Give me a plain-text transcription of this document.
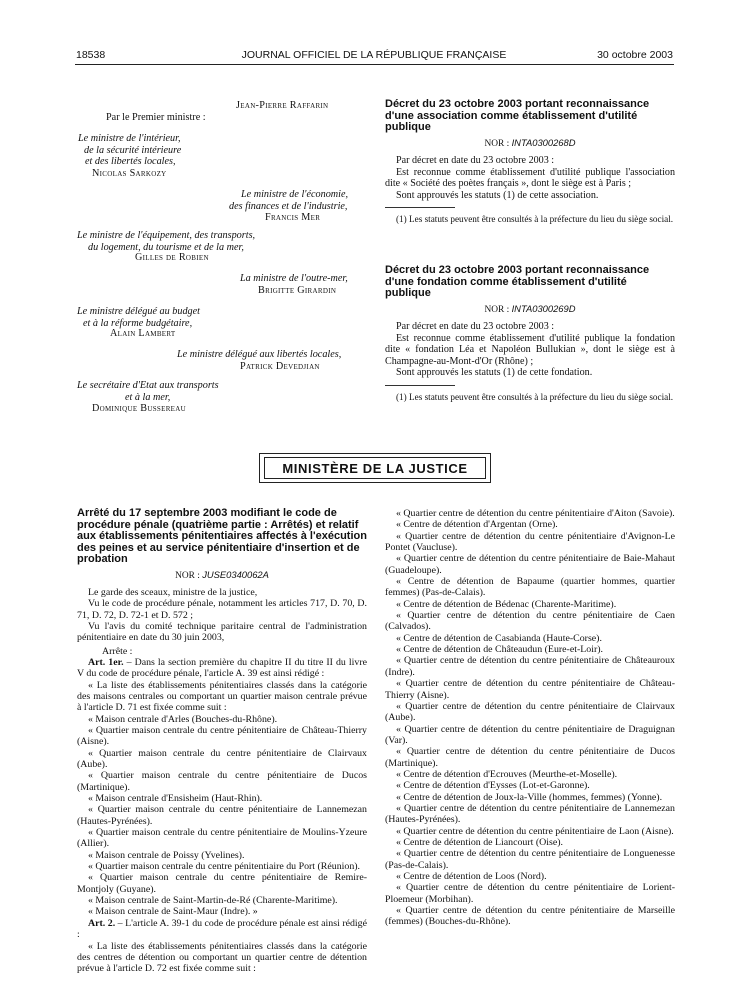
18538	JOURNAL OFFICIEL DE LA RÉPUBLIQUE FRANÇAISE	30 octobre 2003
Jean-Pierre Raffarin
Par le Premier ministre :
Le ministre de l'intérieur,
de la sécurité intérieure
et des libertés locales,
Nicolas Sarkozy
Le ministre de l'économie,
des finances et de l'industrie,
Francis Mer
Le ministre de l'équipement, des transports,
du logement, du tourisme et de la mer,
Gilles de Robien
La ministre de l'outre-mer,
Brigitte Girardin
Le ministre délégué au budget
et à la réforme budgétaire,
Alain Lambert
Le ministre délégué aux libertés locales,
Patrick Devedjian
Le secrétaire d'Etat aux transports
et à la mer,
Dominique Bussereau
Décret du 23 octobre 2003 portant reconnaissance d'une association comme établissement d'utilité publique
NOR : INTA0300268D

Par décret en date du 23 octobre 2003 :

Est reconnue comme établissement d'utilité publique l'association dite « Société des poètes français », dont le siège est à Paris ;

Sont approuvés les statuts (1) de cette association.

(1) Les statuts peuvent être consultés à la préfecture du lieu du siège social.

Décret du 23 octobre 2003 portant reconnaissance d'une fondation comme établissement d'utilité publique
NOR : INTA0300269D

Par décret en date du 23 octobre 2003 :

Est reconnue comme établissement d'utilité publique la fondation dite « fondation Léa et Napoléon Bullukian », dont le siège est à Champagne-au-Mont-d'Or (Rhône) ;

Sont approuvés les statuts (1) de cette fondation.

(1) Les statuts peuvent être consultés à la préfecture du lieu du siège social.

MINISTÈRE DE LA JUSTICE
Arrêté du 17 septembre 2003 modifiant le code de procédure pénale (quatrième partie : Arrêtés) et relatif aux établissements pénitentiaires affectés à l'exécution des peines et au service pénitentiaire d'insertion et de probation
NOR : JUSE0340062A

Le garde des sceaux, ministre de la justice,

Vu le code de procédure pénale, notamment les articles 717, D. 70, D. 71, D. 72, D. 72-1 et D. 572 ;

Vu l'avis du comité technique paritaire central de l'administration pénitentiaire en date du 30 juin 2003,

Arrête :

Art. 1er. – Dans la section première du chapitre II du titre II du livre V du code de procédure pénale, l'article A. 39 est ainsi rédigé :

« La liste des établissements pénitentiaires classés dans la catégorie des maisons centrales ou comportant un quartier maison centrale prévue à l'article D. 71 est fixée comme suit :

« Maison centrale d'Arles (Bouches-du-Rhône).

« Quartier maison centrale du centre pénitentiaire de Château-Thierry (Aisne).

« Quartier maison centrale du centre pénitentiaire de Clairvaux (Aube).

« Quartier maison centrale du centre pénitentiaire de Ducos (Martinique).

« Maison centrale d'Ensisheim (Haut-Rhin).

« Quartier maison centrale du centre pénitentiaire de Lannemezan (Hautes-Pyrénées).

« Quartier maison centrale du centre pénitentiaire de Moulins-Yzeure (Allier).

« Maison centrale de Poissy (Yvelines).

« Quartier maison centrale du centre pénitentiaire du Port (Réunion).

« Quartier maison centrale du centre pénitentiaire de Remire-Montjoly (Guyane).

« Maison centrale de Saint-Martin-de-Ré (Charente-Maritime).

« Maison centrale de Saint-Maur (Indre). »

Art. 2. – L'article A. 39-1 du code de procédure pénale est ainsi rédigé :

« La liste des établissements pénitentiaires classés dans la catégorie des centres de détention ou comportant un quartier centre de détention prévue à l'article D. 72 est fixée comme suit :

« Quartier centre de détention du centre pénitentiaire d'Aiton (Savoie).

« Centre de détention d'Argentan (Orne).

« Quartier centre de détention du centre pénitentiaire d'Avignon-Le Pontet (Vaucluse).

« Quartier centre de détention du centre pénitentiaire de Baie-Mahaut (Guadeloupe).

« Centre de détention de Bapaume (quartier hommes, quartier femmes) (Pas-de-Calais).

« Centre de détention de Bédenac (Charente-Maritime).

« Quartier centre de détention du centre pénitentiaire de Caen (Calvados).

« Centre de détention de Casabianda (Haute-Corse).

« Centre de détention de Châteaudun (Eure-et-Loir).

« Quartier centre de détention du centre pénitentiaire de Châteauroux (Indre).

« Quartier centre de détention du centre pénitentiaire de Château-Thierry (Aisne).

« Quartier centre de détention du centre pénitentiaire de Clairvaux (Aube).

« Quartier centre de détention du centre pénitentiaire de Draguignan (Var).

« Quartier centre de détention du centre pénitentiaire de Ducos (Martinique).

« Centre de détention d'Ecrouves (Meurthe-et-Moselle).

« Centre de détention d'Eysses (Lot-et-Garonne).

« Centre de détention de Joux-la-Ville (hommes, femmes) (Yonne).

« Quartier centre de détention du centre pénitentiaire de Lannemezan (Hautes-Pyrénées).

« Quartier centre de détention du centre pénitentiaire de Laon (Aisne).

« Centre de détention de Liancourt (Oise).

« Quartier centre de détention du centre pénitentiaire de Longuenesse (Pas-de-Calais).

« Centre de détention de Loos (Nord).

« Quartier centre de détention du centre pénitentiaire de Lorient-Ploemeur (Morbihan).

« Quartier centre de détention du centre pénitentiaire de Marseille (femmes) (Bouches-du-Rhône).
